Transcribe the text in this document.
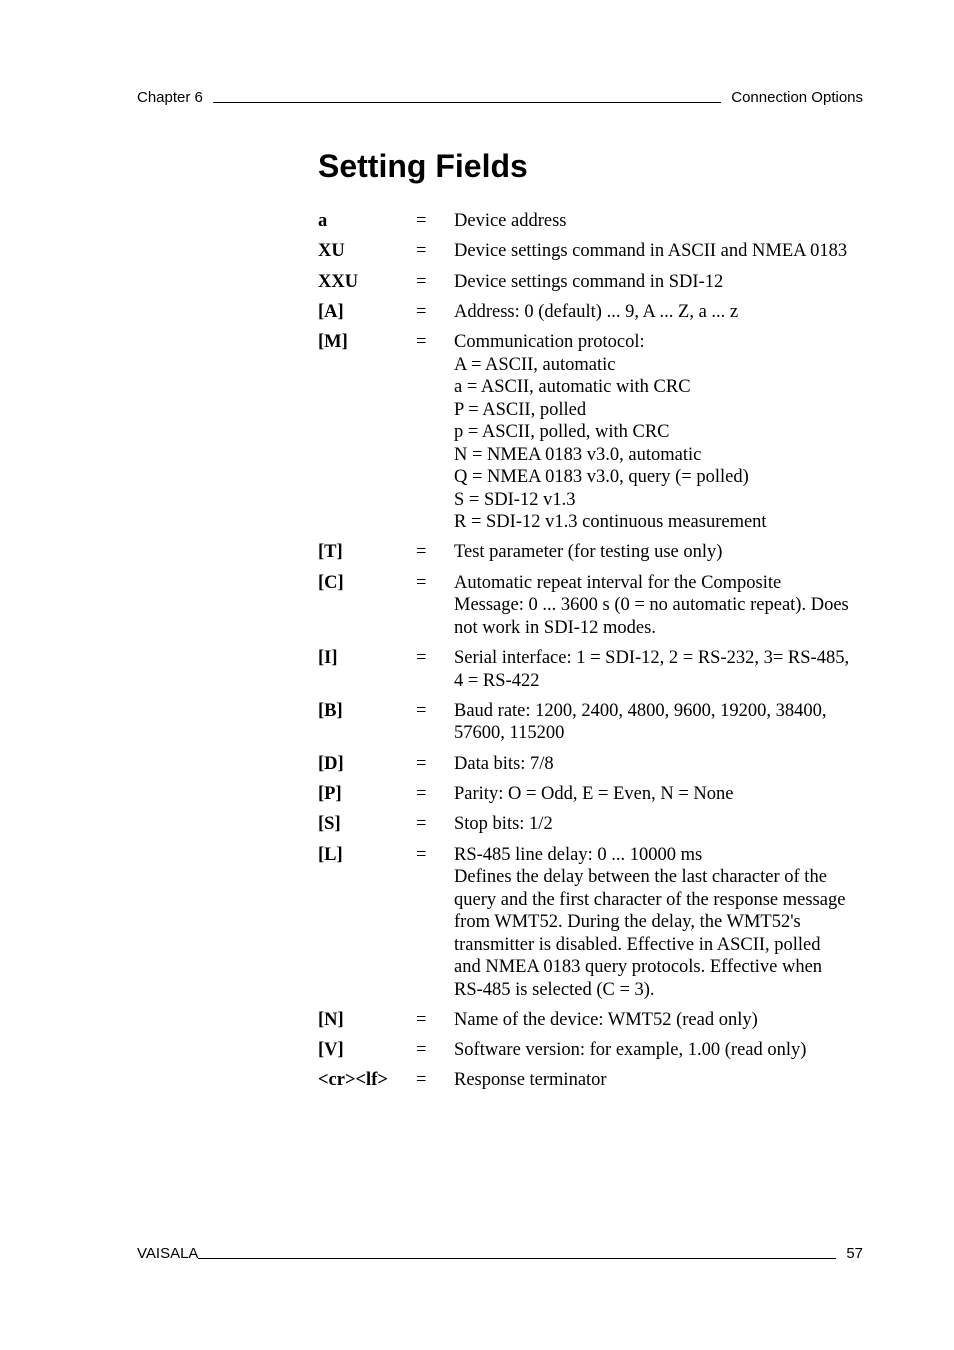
Chapter 6	Connection Options
Setting Fields
a	=	Device address
XU	=	Device settings command in ASCII and NMEA 0183
XXU	=	Device settings command in SDI-12
[A]	=	Address: 0 (default) ... 9, A ... Z, a ... z
[M]	=	Communication protocol:
A = ASCII, automatic
a = ASCII, automatic with CRC
P = ASCII, polled
p = ASCII, polled, with CRC
N = NMEA 0183 v3.0, automatic
Q = NMEA 0183 v3.0, query (= polled)
S = SDI-12 v1.3
R = SDI-12 v1.3 continuous measurement
[T]	=	Test parameter (for testing use only)
[C]	=	Automatic repeat interval for the Composite
Message: 0 ... 3600 s (0 = no automatic repeat). Does
not work in SDI-12 modes.
[I]	=	Serial interface: 1 = SDI-12, 2 = RS-232, 3= RS-485,
4 = RS-422
[B]	=	Baud rate: 1200, 2400, 4800, 9600, 19200, 38400,
57600, 115200
[D]	=	Data bits: 7/8
[P]	=	Parity: O = Odd, E = Even, N = None
[S]	=	Stop bits: 1/2
[L]	=	RS-485 line delay: 0 ... 10000 ms
Defines the delay between the last character of the
query and the first character of the response message
from WMT52. During the delay, the WMT52's
transmitter is disabled. Effective in ASCII, polled
and NMEA 0183 query protocols. Effective when
RS-485 is selected (C = 3).
[N]	=	Name of the device: WMT52 (read only)
[V]	=	Software version: for example, 1.00 (read only)
<cr><lf>	=	Response terminator
VAISALA	57
